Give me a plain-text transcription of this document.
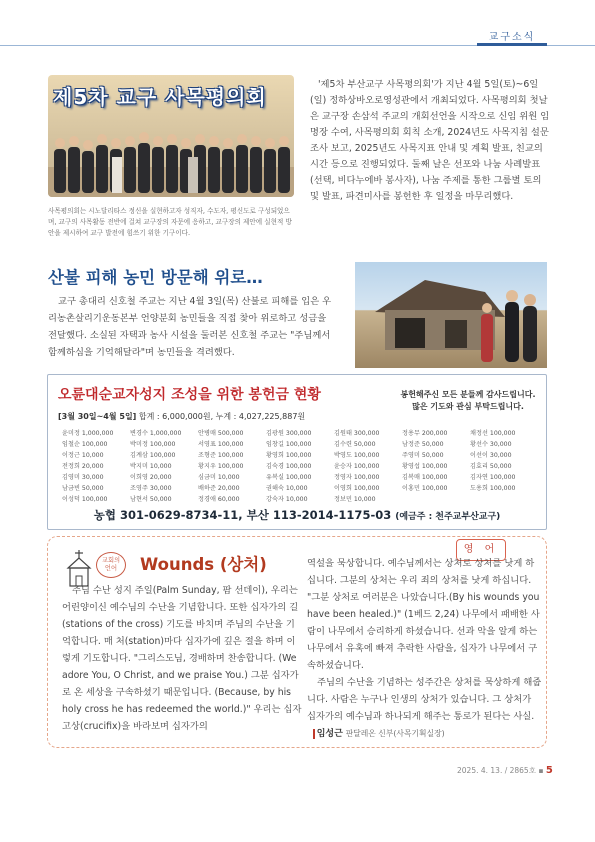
교구소식
제5차 교구 사목평의회
사목평의회는 시노달리타스 정신을 실현하고자 성직자, 수도자, 평신도로 구성되었으며, 교구의 사목활동 전반에 걸쳐 교구장의 자문에 응하고, 교구장의 제안에 실현적 방안을 제시하여 교구 발전에 힘쓰기 위한 기구이다.
'제5차 부산교구 사목평의회'가 지난 4월 5일(토)~6일(일) 정하상바오로영성관에서 개최되었다. 사목평의회 첫날은 교구장 손삼석 주교의 개회선언을 시작으로 신임 위원 임명장 수여, 사목평의회 회칙 소개, 2024년도 사목지침 설문조사 보고, 2025년도 사목지표 안내 및 계획 발표, 친교의 시간 등으로 진행되었다. 둘째 날은 선포와 나눔 사례발표(선택, 비다누에바 봉사자), 나눔 주제를 통한 그룹별 토의 및 발표, 파견미사를 봉헌한 후 일정을 마무리했다.
산불 피해 농민 방문해 위로…
교구 총대리 신호철 주교는 지난 4월 3일(목) 산불로 피해를 입은 우리농촌살리기운동본부 언양분회 농민들을 직접 찾아 위로하고 성금을 전달했다. 소실된 자택과 농사 시설을 둘러본 신호철 주교는 "주님께서 함께하심을 기억해달라"며 농민들을 격려했다.
오륜대순교자성지 조성을 위한 봉헌금 현황	봉헌해주신 모든 분들께 감사드립니다.
많은 기도와 관심 부탁드립니다.
[3월 30일~4월 5일] 합계 : 6,000,000원, 누계 : 4,027,225,887원
윤미정 1,000,000	변경수 1,000,000	안병매 500,000	김광원 300,000	김원태 300,000	정용무 200,000	채정선 100,000
임철순 100,000	박미정 100,000	서영표 100,000	임창길 100,000	김수련 50,000	남정준 50,000	황선수 30,000
이정근 10,000	김계삼 100,000	조형준 100,000	황영희 100,000	박영도 100,000	주영미 50,000	이선이 30,000
전정희 20,000	박지미 10,000	황지우 100,000	김숙경 100,000	윤승자 100,000	황영섭 100,000	김효리 50,000
김영미 30,000	이희영 20,000	심금미 10,000	유복실 100,000	정영자 100,000	김복매 100,000	김자연 100,000
남금빈 50,000	조영주 30,000	배하준 20,000	권해숙 10,000	이영희 100,000	이홍민 100,000	도용희 100,000
이성덕 100,000	남현서 50,000	정경애 60,000	강숙자 10,000	정보민 10,000
농협 301-0629-8734-11, 부산 113-2014-1175-03 (예금주 : 천주교부산교구)
영 어
교회의
언어	Wounds (상처)
주님 수난 성지 주일(Palm Sunday, 팜 선데이), 우리는 어린양이신 예수님의 수난을 기념합니다. 또한 십자가의 길(stations of the cross) 기도를 바치며 주님의 수난을 기억합니다. 매 처(station)마다 십자가에 깊은 절을 하며 이렇게 기도합니다. "그리스도님, 경배하며 찬송합니다. (We adore You, O Christ, and we praise You.) 그분 십자가로 온 세상을 구속하셨기 때문입니다. (Because, by his holy cross he has redeemed the world.)" 우리는 십자고상(crucifix)을 바라보며 십자가의

역설을 묵상합니다. 예수님께서는 상처로 상처를 낫게 하십니다. 그분의 상처는 우리 죄의 상처를 낫게 하십니다. "그분 상처로 여러분은 나았습니다.(By his wounds you have been healed.)" (1베드 2,24) 나무에서 패배한 사람이 나무에서 승리하게 하셨습니다. 선과 악을 알게 하는 나무에서 유혹에 빠져 추락한 사람을, 십자가 나무에서 구속하셨습니다.

주님의 수난을 기념하는 성주간은 상처를 묵상하게 해줍니다. 사람은 누구나 인생의 상처가 있습니다. 그 상처가 십자가의 예수님과 하나되게 해주는 통로가 된다는 사실.   임성근 판달레온 신부(사목기획실장)

2025. 4. 13. / 2865호 ▪ 5
